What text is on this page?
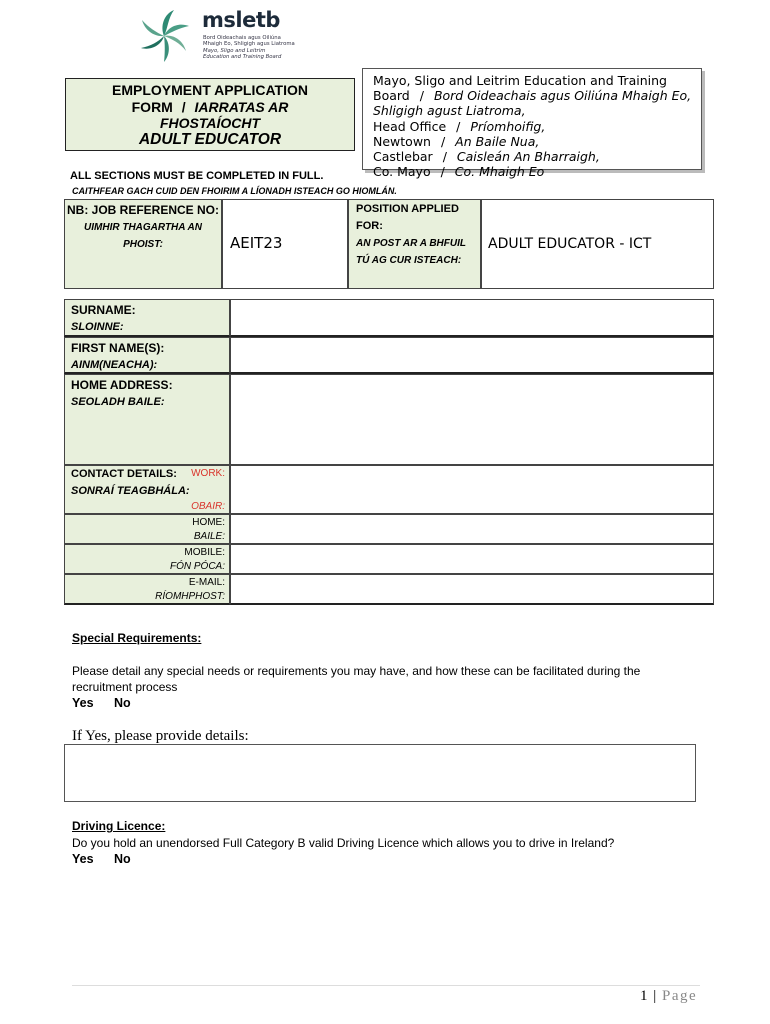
msletb
Bord Oideachais agus Oiliúna
Mhaigh Eo, Shligigh agus Liatroma
Mayo, Sligo and Leitrim
Education and Training Board
EMPLOYMENT APPLICATION
FORM / IARRATAS AR
FHOSTAÍOCHT
ADULT EDUCATOR
Mayo, Sligo and Leitrim Education and Training
Board / Bord Oideachais agus Oiliúna Mhaigh Eo,
Shligigh agust Liatroma,
Head Office / Príomhoifig,
Newtown / An Baile Nua,
Castlebar / Caisleán An Bharraigh,
Co. Mayo / Co. Mhaigh Eo
ALL SECTIONS MUST BE COMPLETED IN FULL.
CAITHFEAR GACH CUID DEN FHOIRIM A LÍONADH ISTEACH GO HIOMLÁN.
NB: JOB REFERENCE NO:
UIMHIR THAGARTHA AN
PHOIST:	AEIT23
POSITION APPLIED
FOR:
AN POST AR A BHFUIL
TÚ AG CUR ISTEACH:
ADULT EDUCATOR - ICT
SURNAME:
SLOINNE:
FIRST NAME(S):
AINM(NEACHA):
HOME ADDRESS:
SEOLADH BAILE:
CONTACT DETAILS:
SONRAÍ TEAGBHÁLA:
WORK:
OBAIR:
HOME:
BAILE:
MOBILE:
FÓN PÓCA:
E-MAIL:
RÍOMHPHOST:
Special Requirements:
Please detail any special needs or requirements you may have, and how these can be facilitated during the recruitment process
Yes No
If Yes, please provide details:
Driving Licence:
Do you hold an unendorsed Full Category B valid Driving Licence which allows you to drive in Ireland?
Yes No
1 | Page
